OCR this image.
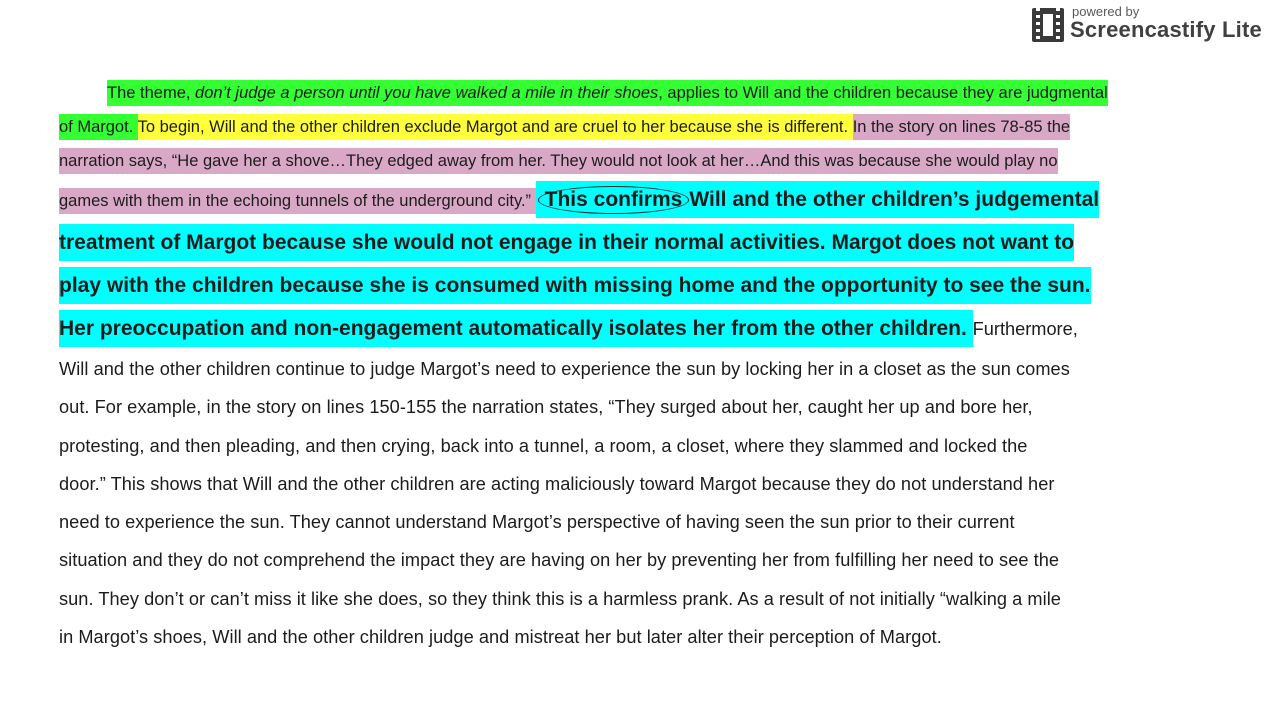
powered by
Screencastify Lite
The theme, don’t judge a person until you have walked a mile in their shoes, applies to Will and the children because they are judgmental
of Margot. To begin, Will and the other children exclude Margot and are cruel to her because she is different. In the story on lines 78-85 the
narration says, “He gave her a shove…They edged away from her. They would not look at her…And this was because she would play no
games with them in the echoing tunnels of the underground city.” This confirmsWill and the other children’s judgemental
treatment of Margot because she would not engage in their normal activities. Margot does not want to
play with the children because she is consumed with missing home and the opportunity to see the sun.
Her preoccupation and non-engagement automatically isolates her from the other children. Furthermore,
Will and the other children continue to judge Margot’s need to experience the sun by locking her in a closet as the sun comes
out. For example, in the story on lines 150-155 the narration states, “They surged about her, caught her up and bore her,
protesting, and then pleading, and then crying, back into a tunnel, a room, a closet, where they slammed and locked the
door.” This shows that Will and the other children are acting maliciously toward Margot because they do not understand her
need to experience the sun. They cannot understand Margot’s perspective of having seen the sun prior to their current
situation and they do not comprehend the impact they are having on her by preventing her from fulfilling her need to see the
sun. They don’t or can’t miss it like she does, so they think this is a harmless prank. As a result of not initially “walking a mile
in Margot’s shoes, Will and the other children judge and mistreat her but later alter their perception of Margot.
